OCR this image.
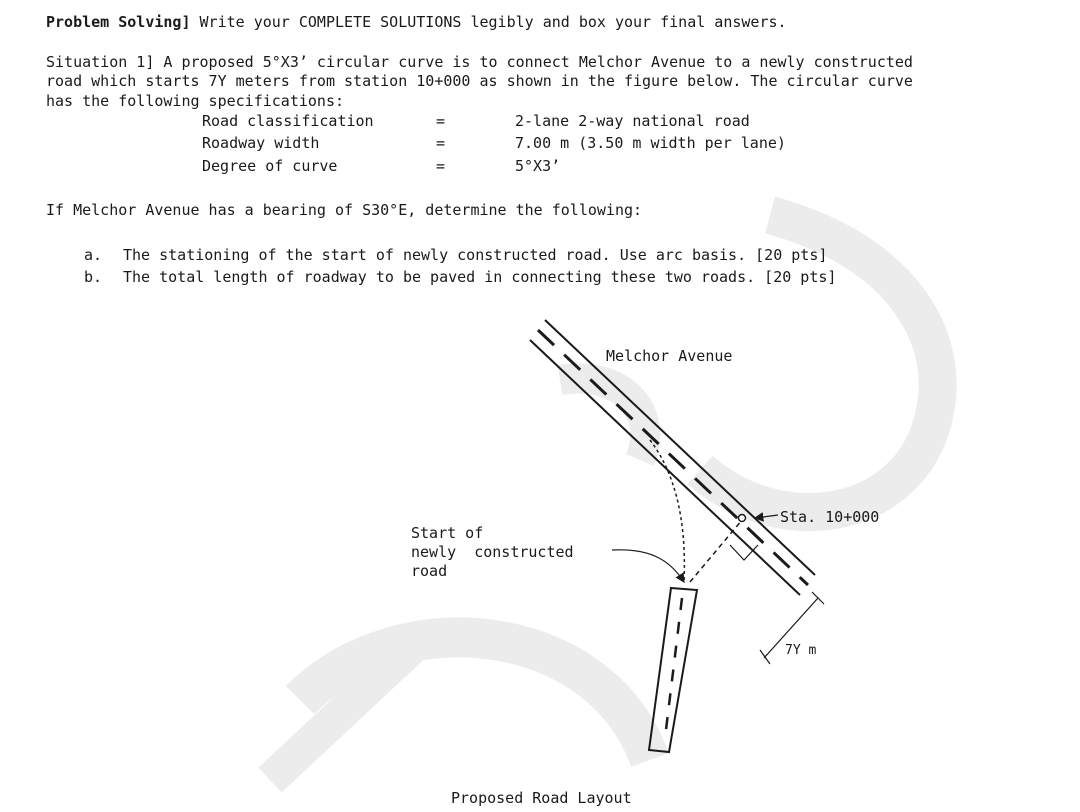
Problem Solving] Write your COMPLETE SOLUTIONS legibly and box your final answers.
Situation 1] A proposed 5°X3’ circular curve is to connect Melchor Avenue to a newly constructed
road which starts 7Y meters from station 10+000 as shown in the figure below. The circular curve
has the following specifications:
Road classification	=	2-lane 2-way national road
Roadway width	=	7.00 m (3.50 m width per lane)
Degree of curve	=	5°X3’
If Melchor Avenue has a bearing of S30°E, determine the following:
a. The stationing of the start of newly constructed road. Use arc basis. [20 pts]
b. The total length of roadway to be paved in connecting these two roads. [20 pts]
Melchor Avenue
Sta. 10+000
Start of
newly  constructed
road
7Y m
Proposed Road Layout
